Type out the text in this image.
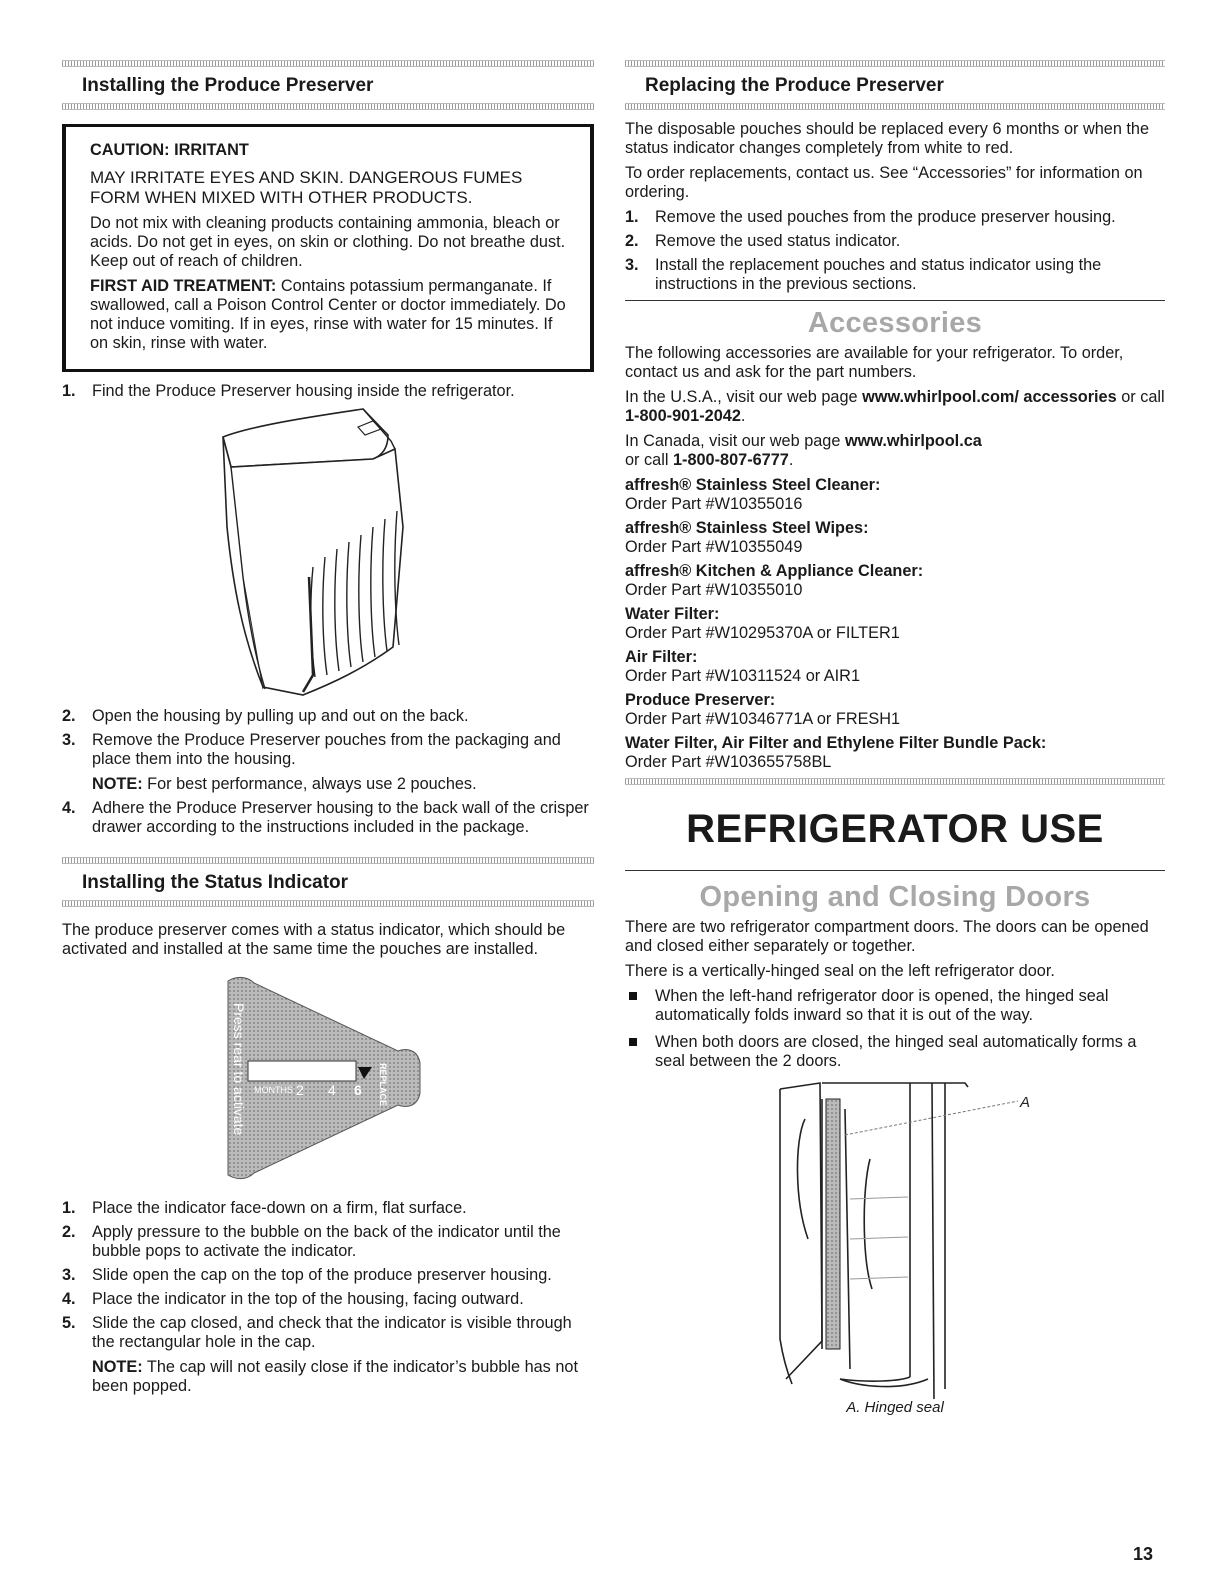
Installing the Produce Preserver

CAUTION: IRRITANT

MAY IRRITATE EYES AND SKIN. DANGEROUS FUMES FORM WHEN MIXED WITH OTHER PRODUCTS.

Do not mix with cleaning products containing ammonia, bleach or acids. Do not get in eyes, on skin or clothing. Do not breathe dust. Keep out of reach of children.

FIRST AID TREATMENT: Contains potassium permanganate. If swallowed, call a Poison Control Center or doctor immediately. Do not induce vomiting. If in eyes, rinse with water for 15 minutes. If on skin, rinse with water.

1. Find the Produce Preserver housing inside the refrigerator.
2. Open the housing by pulling up and out on the back.
3. Remove the Produce Preserver pouches from the packaging and place them into the housing.
NOTE: For best performance, always use 2 pouches.
4. Adhere the Produce Preserver housing to the back wall of the crisper drawer according to the instructions included in the package.
Installing the Status Indicator

The produce preserver comes with a status indicator, which should be activated and installed at the same time the pouches are installed.

MONTHS 2 4 6
Press rear to activate	REPLACE
1. Place the indicator face-down on a firm, flat surface.
2. Apply pressure to the bubble on the back of the indicator until the bubble pops to activate the indicator.
3. Slide open the cap on the top of the produce preserver housing.
4. Place the indicator in the top of the housing, facing outward.
5. Slide the cap closed, and check that the indicator is visible through the rectangular hole in the cap.
NOTE: The cap will not easily close if the indicator’s bubble has not been popped.
Replacing the Produce Preserver

The disposable pouches should be replaced every 6 months or when the status indicator changes completely from white to red.

To order replacements, contact us. See “Accessories” for information on ordering.

1. Remove the used pouches from the produce preserver housing.
2. Remove the used status indicator.
3. Install the replacement pouches and status indicator using the instructions in the previous sections.
Accessories

The following accessories are available for your refrigerator. To order, contact us and ask for the part numbers.

In the U.S.A., visit our web page www.whirlpool.com/ accessories or call 1-800-901-2042.

In Canada, visit our web page www.whirlpool.ca
or call 1-800-807-6777.

affresh® Stainless Steel Cleaner:

Order Part #W10355016

affresh® Stainless Steel Wipes:

Order Part #W10355049

affresh® Kitchen & Appliance Cleaner:

Order Part #W10355010

Water Filter:

Order Part #W10295370A or FILTER1

Air Filter:

Order Part #W10311524 or AIR1

Produce Preserver:

Order Part #W10346771A or FRESH1

Water Filter, Air Filter and Ethylene Filter Bundle Pack:

Order Part #W103655758BL

REFRIGERATOR USE
Opening and Closing Doors

There are two refrigerator compartment doors. The doors can be opened and closed either separately or together.

There is a vertically-hinged seal on the left refrigerator door.

When the left-hand refrigerator door is opened, the hinged seal automatically folds inward so that it is out of the way.
When both doors are closed, the hinged seal automatically forms a seal between the 2 doors.
A
A. Hinged seal
13
